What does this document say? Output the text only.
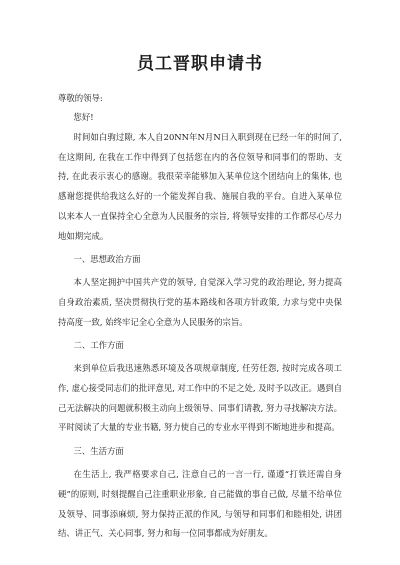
员工晋职申请书

尊敬的领导:

您好!

时间如白驹过隙, 本人自20NN年N月N日入职到现在已经一年的时间了, 在这期间, 在我在工作中得到了包括您在内的各位领导和同事们的帮助、支持, 在此表示衷心的感谢。我很荣幸能够加入某单位这个团结向上的集体, 也感谢您提供给我这么好的一个能发挥自我、施展自我的平台。自进入某单位以来本人一直保持全心全意为人民服务的宗旨, 将领导安排的工作都尽心尽力地如期完成。

一、思想政治方面

本人坚定拥护中国共产党的领导, 自觉深入学习党的政治理论, 努力提高自身政治素质, 坚决贯彻执行党的基本路线和各项方针政策, 力求与党中央保持高度一致, 始终牢记全心全意为人民服务的宗旨。

二、工作方面

来到单位后我迅速熟悉环境及各项规章制度, 任劳任怨, 按时完成各项工作, 虚心接受同志们的批评意见, 对工作中的不足之处, 及时予以改正。遇到自己无法解决的问题就积极主动向上级领导、同事们请教, 努力寻找解决方法。平时阅读了大量的专业书籍, 努力使自己的专业水平得到不断地进步和提高。

三、生活方面

在生活上, 我严格要求自己, 注意自己的一言一行, 谨遵“打铁还需自身硬”的原则, 时刻提醒自己注重职业形象, 自己能做的事自己做, 尽量不给单位及领导、同事添麻烦, 努力保持正派的作风, 与领导和同事们和睦相处, 讲团结、讲正气、关心同事, 努力和每一位同事都成为好朋友。
